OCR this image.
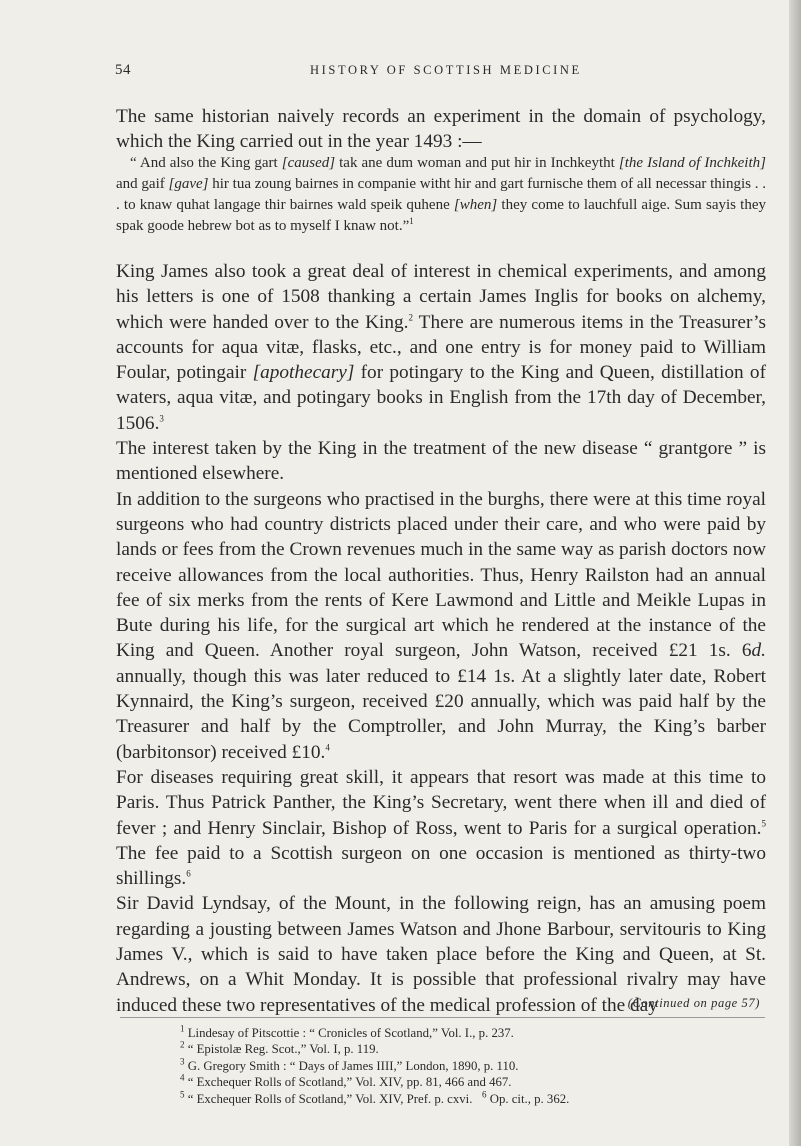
54	HISTORY OF SCOTTISH MEDICINE

The same historian naively records an experiment in the domain of psychology, which the King carried out in the year 1493 :—

“ And also the King gart [caused] tak ane dum woman and put hir in Inchkeytht [the Island of Inchkeith] and gaif [gave] hir tua zoung bairnes in companie witht hir and gart furnische them of all necessar thingis . . . to knaw quhat langage thir bairnes wald speik quhene [when] they come to lauchfull aige. Sum sayis they spak goode hebrew bot as to myself I knaw not.”$^1$

King James also took a great deal of interest in chemical experiments, and among his letters is one of 1508 thanking a certain James Inglis for books on alchemy, which were handed over to the King.$^2$ There are numerous items in the Treasurer’s accounts for aqua vitæ, flasks, etc., and one entry is for money paid to William Foular, potingair [apothecary] for potingary to the King and Queen, distillation of waters, aqua vitæ, and potingary books in English from the 17th day of December, 1506.$^3$

The interest taken by the King in the treatment of the new disease “ grantgore ” is mentioned elsewhere.

In addition to the surgeons who practised in the burghs, there were at this time royal surgeons who had country districts placed under their care, and who were paid by lands or fees from the Crown revenues much in the same way as parish doctors now receive allowances from the local authorities. Thus, Henry Railston had an annual fee of six merks from the rents of Kere Lawmond and Little and Meikle Lupas in Bute during his life, for the surgical art which he rendered at the instance of the King and Queen. Another royal surgeon, John Watson, received £21 1s. 6d. annually, though this was later reduced to £14 1s. At a slightly later date, Robert Kynnaird, the King’s surgeon, received £20 annually, which was paid half by the Treasurer and half by the Comptroller, and John Murray, the King’s barber (barbitonsor) received £10.$^4$

For diseases requiring great skill, it appears that resort was made at this time to Paris. Thus Patrick Panther, the King’s Secretary, went there when ill and died of fever ; and Henry Sinclair, Bishop of Ross, went to Paris for a surgical operation.$^5$ The fee paid to a Scottish surgeon on one occasion is mentioned as thirty-two shillings.$^6$

Sir David Lyndsay, of the Mount, in the following reign, has an amusing poem regarding a jousting between James Watson and Jhone Barbour, servitouris to King James V., which is said to have taken place before the King and Queen, at St. Andrews, on a Whit Monday. It is possible that professional rivalry may have induced these two representatives of the medical profession of the day

(Continued on page 57)
$^1$ Lindesay of Pitscottie : “ Cronicles of Scotland,” Vol. I., p. 237.
$^2$ “ Epistolæ Reg. Scot.,” Vol. I, p. 119.
$^3$ G. Gregory Smith : “ Days of James IIII,” London, 1890, p. 110.
$^4$ “ Exchequer Rolls of Scotland,” Vol. XIV, pp. 81, 466 and 467.
$^5$ “ Exchequer Rolls of Scotland,” Vol. XIV, Pref. p. cxvi. $^6$ Op. cit., p. 362.
